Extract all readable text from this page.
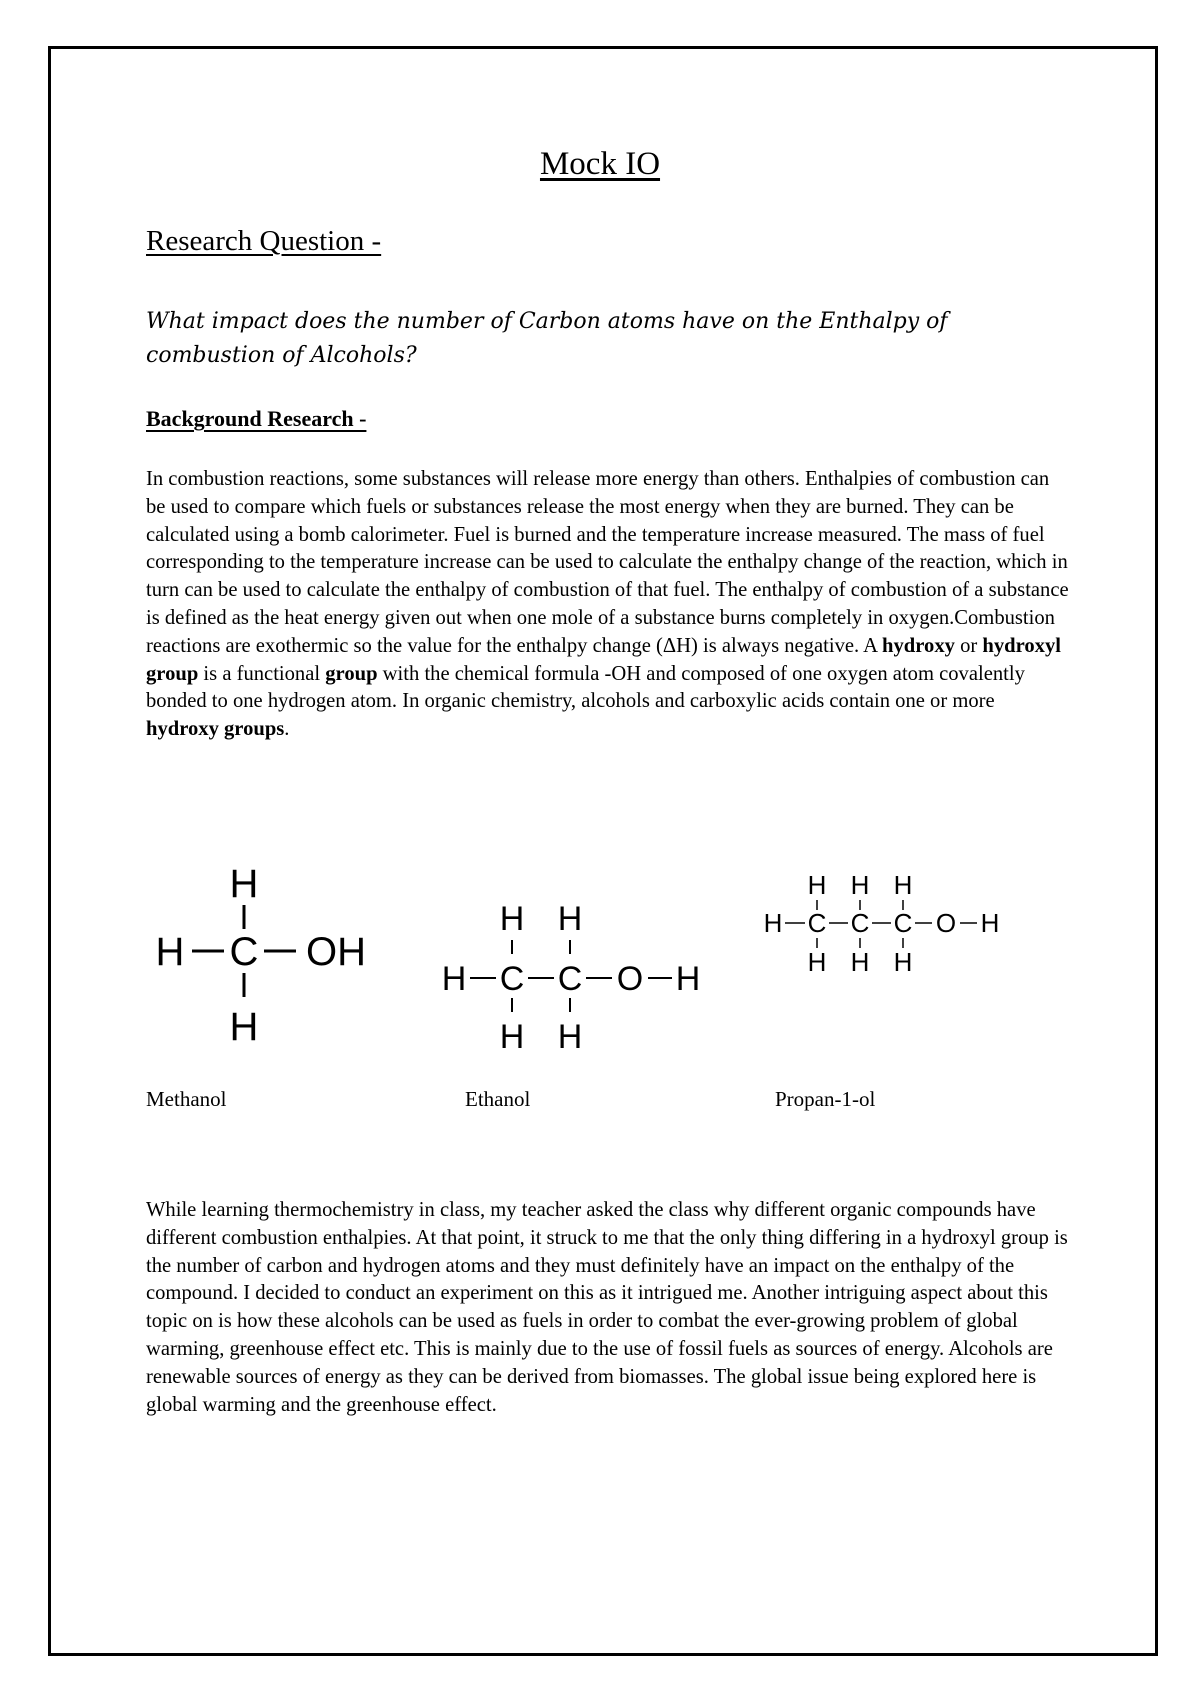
Mock IO
Research Question -

What impact does the number of Carbon atoms have on the Enthalpy of combustion of Alcohols?

Background Research -

In combustion reactions, some substances will release more energy than others. Enthalpies of combustion can be used to compare which fuels or substances release the most energy when they are burned. They can be calculated using a bomb calorimeter. Fuel is burned and the temperature increase measured. The mass of fuel corresponding to the temperature increase can be used to calculate the enthalpy change of the reaction, which in turn can be used to calculate the enthalpy of combustion of that fuel. The enthalpy of combustion of a substance is defined as the heat energy given out when one mole of a substance burns completely in oxygen.Combustion reactions are exothermic so the value for the enthalpy change (ΔH) is always negative. A hydroxy or hydroxyl group is a functional group with the chemical formula -OH and composed of one oxygen atom covalently bonded to one hydrogen atom. In organic chemistry, alcohols and carboxylic acids contain one or more hydroxy groups.

H
H C OH
H
H H
H C C O H
H H
H H H
H C C C O H
H H H

Methanol	Ethanol	Propan-1-ol

While learning thermochemistry in class, my teacher asked the class why different organic compounds have different combustion enthalpies. At that point, it struck to me that the only thing differing in a hydroxyl group is the number of carbon and hydrogen atoms and they must definitely have an impact on the enthalpy of the compound. I decided to conduct an experiment on this as it intrigued me. Another intriguing aspect about this topic on is how these alcohols can be used as fuels in order to combat the ever-growing problem of global warming, greenhouse effect etc. This is mainly due to the use of fossil fuels as sources of energy. Alcohols are renewable sources of energy as they can be derived from biomasses. The global issue being explored here is global warming and the greenhouse effect.
